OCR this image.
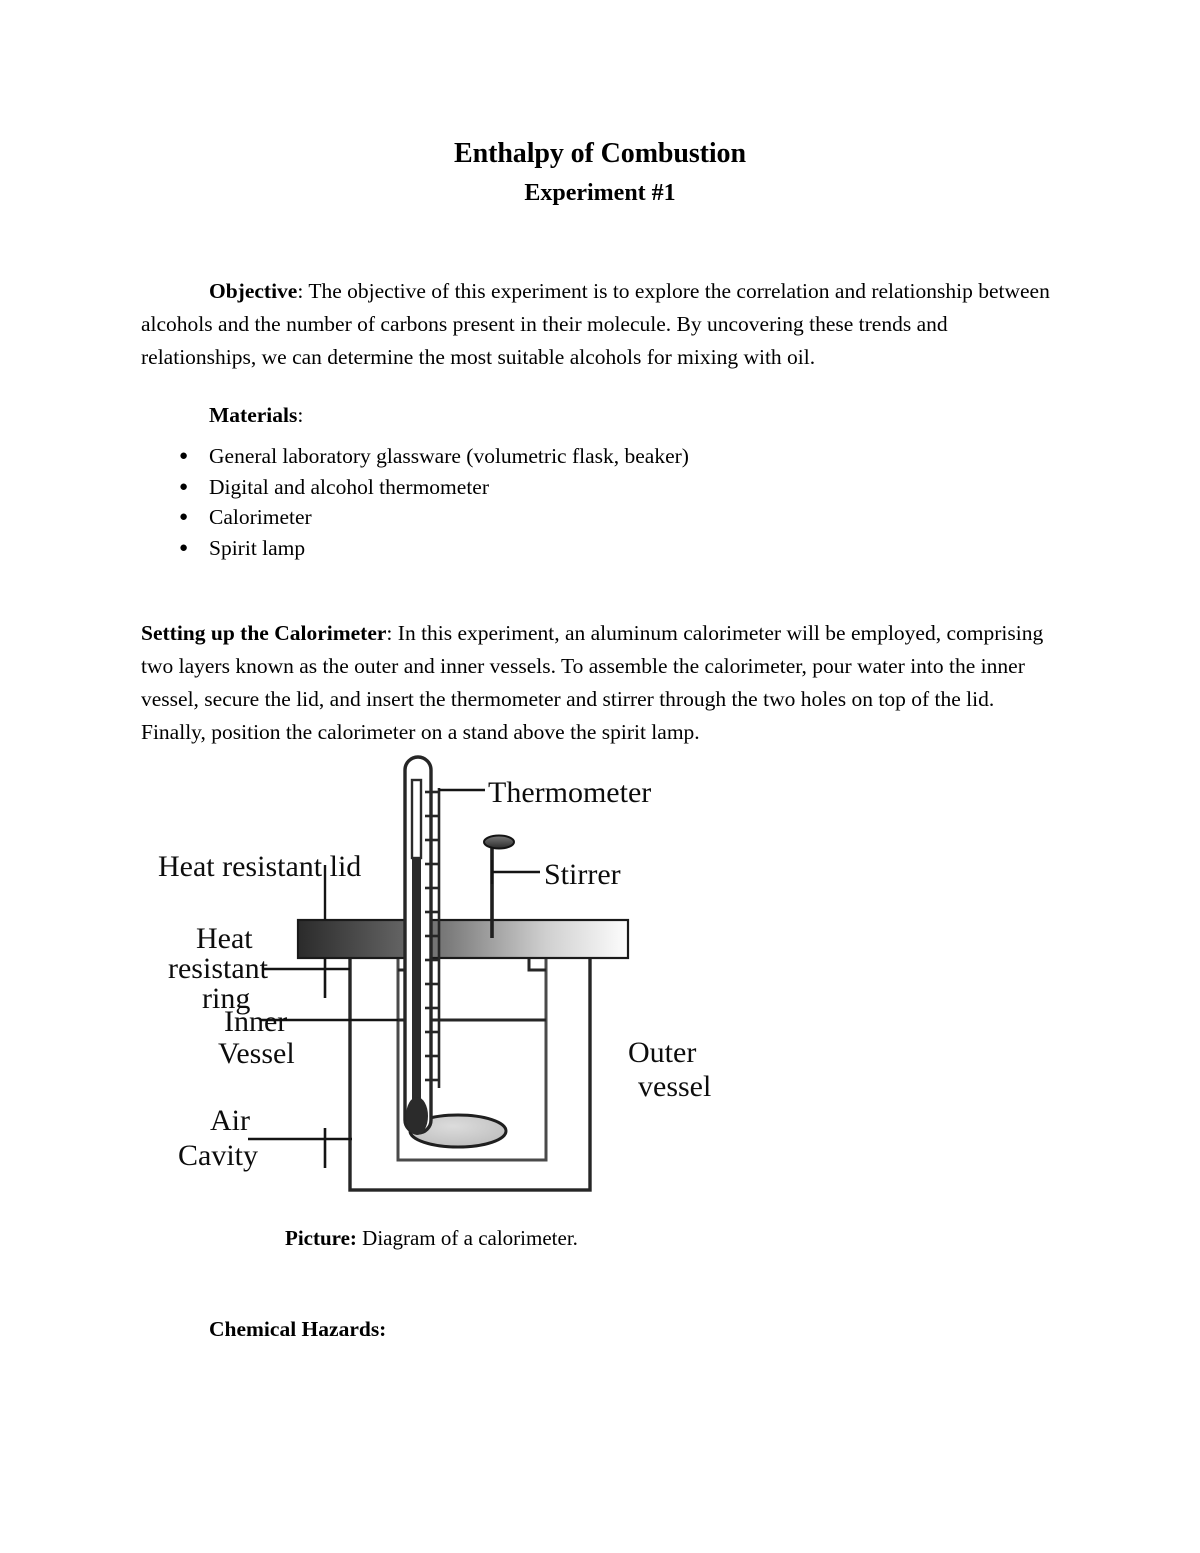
Enthalpy of Combustion
Experiment #1

Objective: The objective of this experiment is to explore the correlation and relationship between alcohols and the number of carbons present in their molecule. By uncovering these trends and relationships, we can determine the most suitable alcohols for mixing with oil.

Materials:
● General laboratory glassware (volumetric flask, beaker)
● Digital and alcohol thermometer
● Calorimeter
● Spirit lamp

Setting up the Calorimeter: In this experiment, an aluminum calorimeter will be employed, comprising two layers known as the outer and inner vessels. To assemble the calorimeter, pour water into the inner vessel, secure the lid, and insert the thermometer and stirrer through the two holes on top of the lid. Finally, position the calorimeter on a stand above the spirit lamp.

Thermometer
Stirrer
Heat resistant lid
Heat
resistant
ring
Inner
Vessel
Air
Cavity
Outer
vessel
Picture: Diagram of a calorimeter.
Chemical Hazards:
